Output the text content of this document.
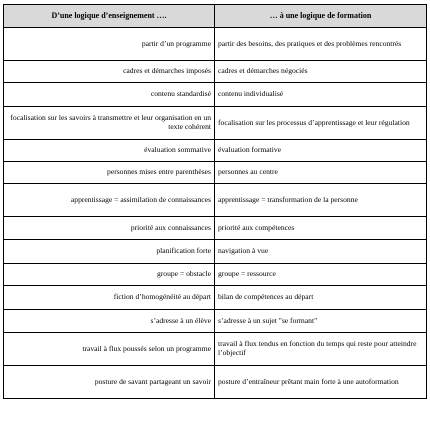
D’une logique d’enseignement ….	… à une logique de formation
partir d’un programme	partir des besoins, des pratiques et des problèmes rencontrés
cadres et démarches imposés	cadres et démarches négociés
contenu standardisé	contenu individualisé
focalisation sur les savoirs à transmettre et leur organisation en un texte cohérent	focalisation sur les processus d’apprentissage et leur régulation
évaluation sommative	évaluation formative
personnes mises entre parenthèses	personnes au centre
apprentissage = assimilation de connaissances	apprentissage = transformation de la personne
priorité aux connaissances	priorité aux compétences
planification forte	navigation à vue
groupe = obstacle	groupe = ressource
fiction d’homogénéité au départ	bilan de compétences au départ
s’adresse à un élève	s’adresse à un sujet "se formant"
travail à flux poussés selon un programme	travail à flux tendus en fonction du temps qui reste pour atteindre l’objectif
posture de savant partageant un savoir	posture d’entraîneur prêtant main forte à une autoformation
